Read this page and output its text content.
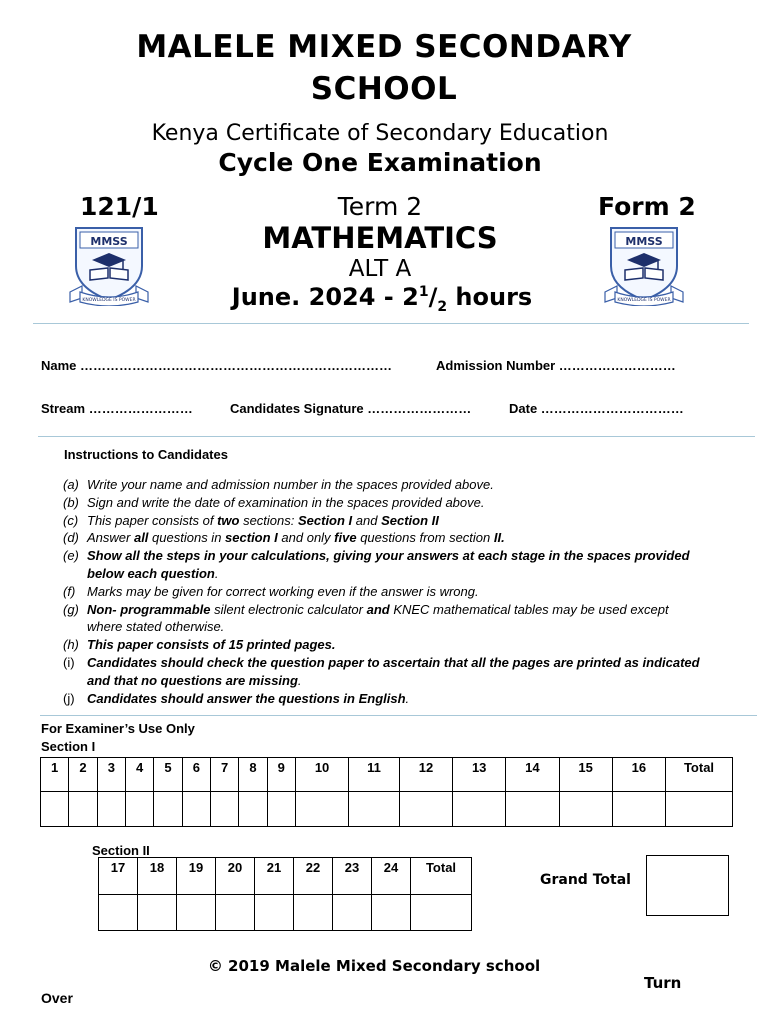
MALELE MIXED SECONDARY
SCHOOL
Kenya Certificate of Secondary Education
Cycle One Examination
121/1	Form 2
Term 2
MATHEMATICS
ALT A
June. $2024 - 2^1/_2$ hours
MMSS
KNOWLEDGE IS POWER
MMSS
KNOWLEDGE IS POWER
Name ………………………………………………………………	Admission Number ………………………
Stream ……………………	Candidates Signature ……………………	Date ……………………………
Instructions to Candidates
(a) Write your name and admission number in the spaces provided above.
(b) Sign and write the date of examination in the spaces provided above.
(c) This paper consists of two sections: Section I and Section II
(d) Answer all questions in section I and only five questions from section II.
(e) Show all the steps in your calculations, giving your answers at each stage in the spaces provided below each question.
(f) Marks may be given for correct working even if the answer is wrong.
(g) Non- programmable silent electronic calculator and KNEC mathematical tables may be used except where stated otherwise.
(h) This paper consists of 15 printed pages.
(i) Candidates should check the question paper to ascertain that all the pages are printed as indicated and that no questions are missing.
(j) Candidates should answer the questions in English.
For Examiner’s Use Only
Section I
1	2	3	4	5	6	7	8	9	10	11	12	13	14	15	16	Total

Section II
17	18	19	20	21	22	23	24	Total

Grand Total
© 2019 Malele Mixed Secondary school
Turn
Over
